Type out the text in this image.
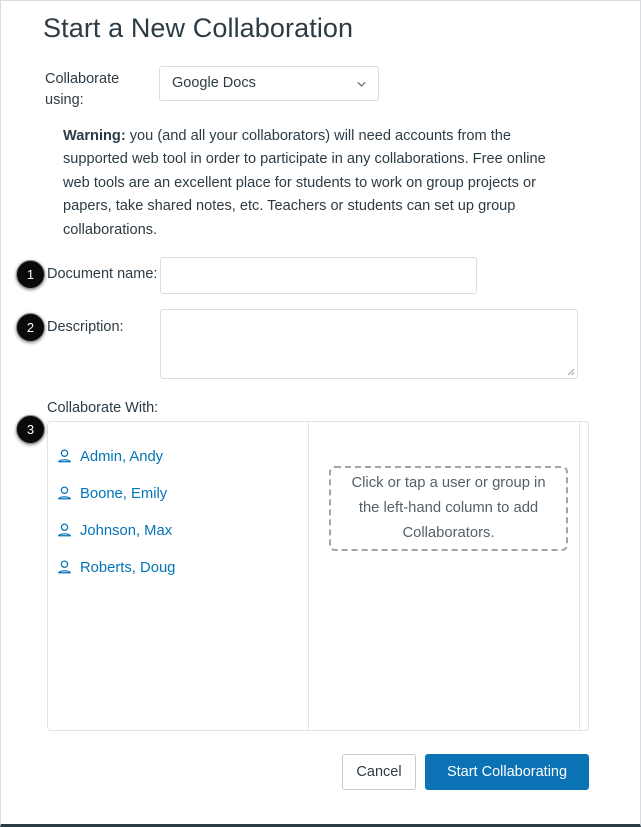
Start a New Collaboration
Collaborate using:
Google Docs
Warning: you (and all your collaborators) will need accounts from the supported web tool in order to participate in any collaborations. Free online web tools are an excellent place for students to work on group projects or papers, take shared notes, etc. Teachers or students can set up group collaborations.
1
2
3
Document name:
Description:
Collaborate With:
Admin, Andy
Boone, Emily
Johnson, Max
Roberts, Doug
Click or tap a user or group in the left-hand column to add Collaborators.
Cancel	Start Collaborating
